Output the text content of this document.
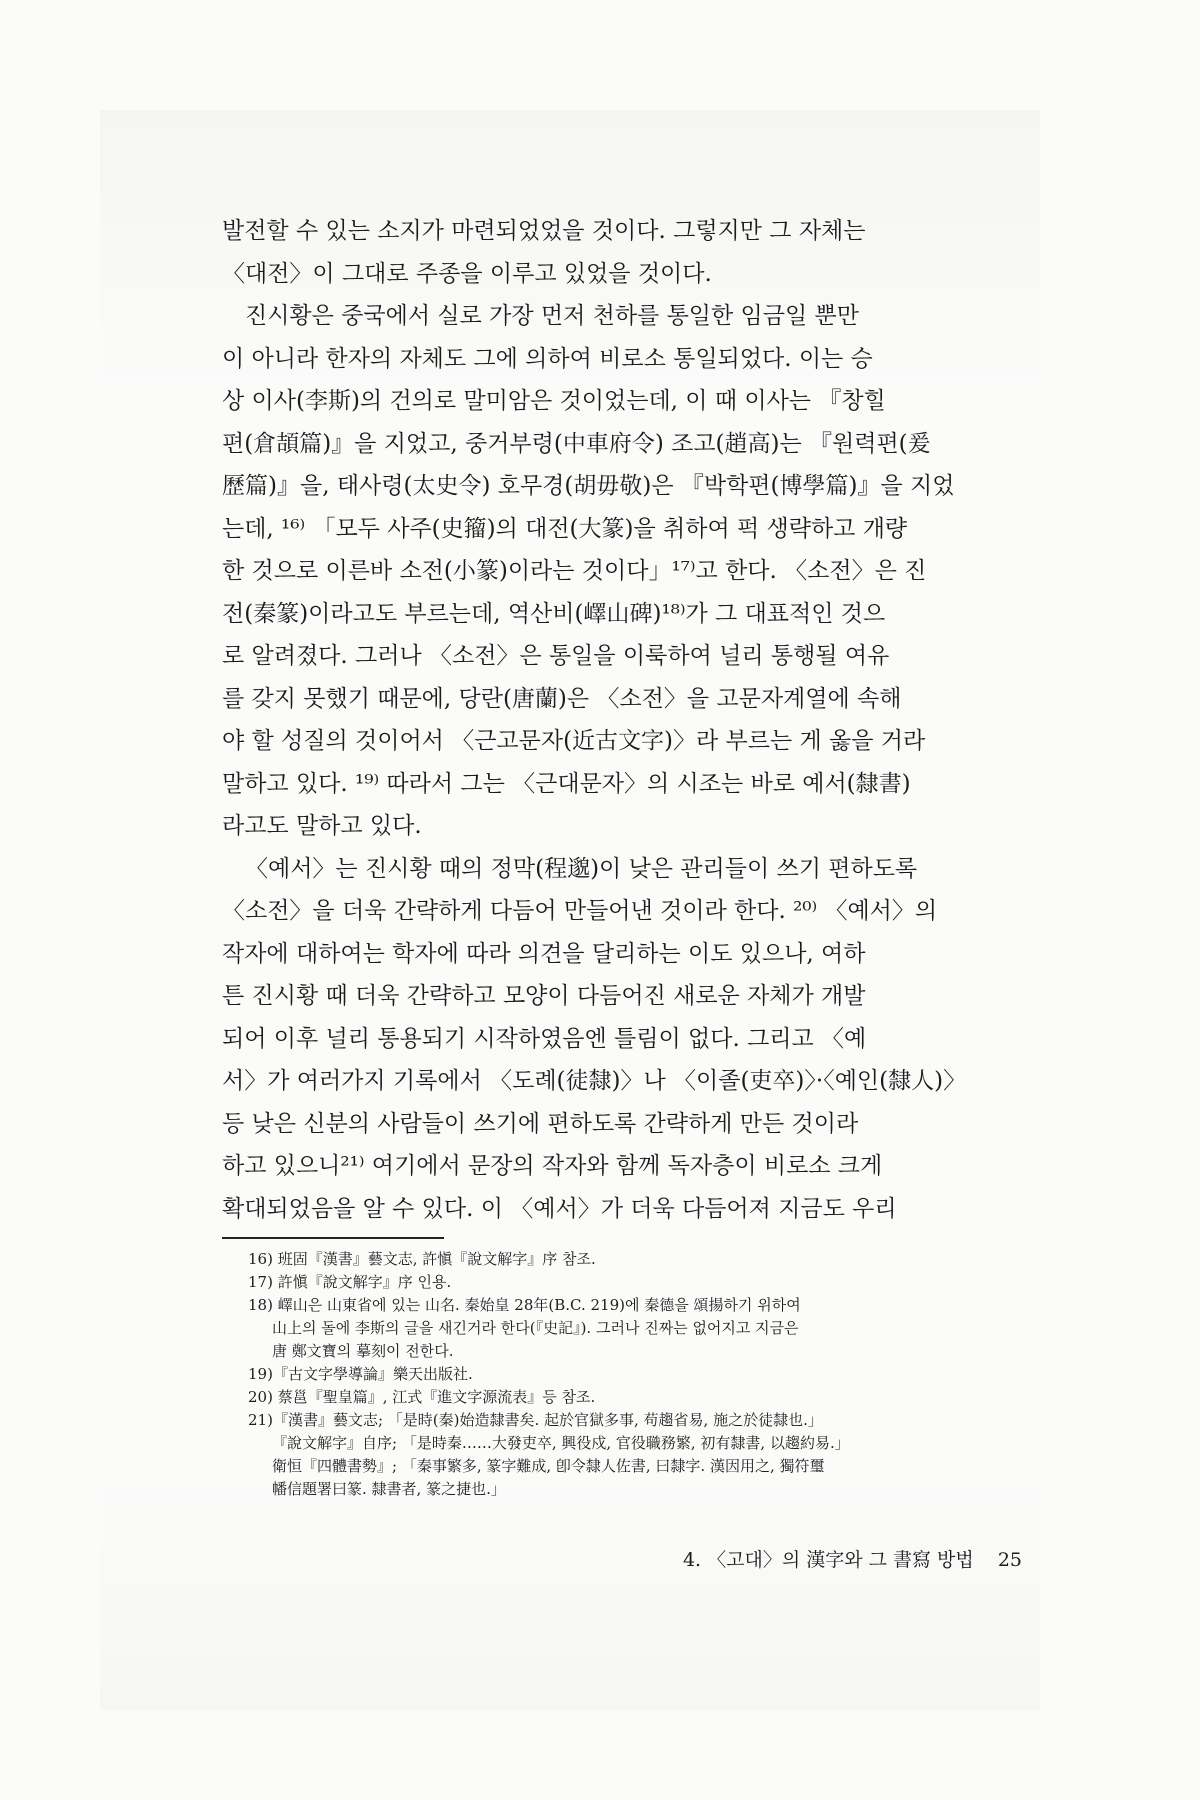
발전할 수 있는 소지가 마련되었었을 것이다. 그렇지만 그 자체는
〈대전〉이 그대로 주종을 이루고 있었을 것이다.
진시황은 중국에서 실로 가장 먼저 천하를 통일한 임금일 뿐만
이 아니라 한자의 자체도 그에 의하여 비로소 통일되었다. 이는 승
상 이사(李斯)의 건의로 말미암은 것이었는데, 이 때 이사는 『창힐
편(倉頡篇)』을 지었고, 중거부령(中車府令) 조고(趙高)는 『원력편(爰
歷篇)』을, 태사령(太史令) 호무경(胡毋敬)은 『박학편(博學篇)』을 지었
는데, ¹⁶⁾ 「모두 사주(史籀)의 대전(大篆)을 취하여 퍽 생략하고 개량
한 것으로 이른바 소전(小篆)이라는 것이다」¹⁷⁾고 한다. 〈소전〉은 진
전(秦篆)이라고도 부르는데, 역산비(嶧山碑)¹⁸⁾가 그 대표적인 것으
로 알려졌다. 그러나 〈소전〉은 통일을 이룩하여 널리 통행될 여유
를 갖지 못했기 때문에, 당란(唐蘭)은 〈소전〉을 고문자계열에 속해
야 할 성질의 것이어서 〈근고문자(近古文字)〉라 부르는 게 옳을 거라
말하고 있다. ¹⁹⁾ 따라서 그는 〈근대문자〉의 시조는 바로 예서(隸書)
라고도 말하고 있다.
〈예서〉는 진시황 때의 정막(程邈)이 낮은 관리들이 쓰기 편하도록
〈소전〉을 더욱 간략하게 다듬어 만들어낸 것이라 한다. ²⁰⁾ 〈예서〉의
작자에 대하여는 학자에 따라 의견을 달리하는 이도 있으나, 여하
튼 진시황 때 더욱 간략하고 모양이 다듬어진 새로운 자체가 개발
되어 이후 널리 통용되기 시작하였음엔 틀림이 없다. 그리고 〈예
서〉가 여러가지 기록에서 〈도례(徒隸)〉나 〈이졸(吏卒)〉·〈예인(隸人)〉
등 낮은 신분의 사람들이 쓰기에 편하도록 간략하게 만든 것이라
하고 있으니²¹⁾ 여기에서 문장의 작자와 함께 독자층이 비로소 크게
확대되었음을 알 수 있다. 이 〈예서〉가 더욱 다듬어져 지금도 우리
16) 班固『漢書』藝文志, 許愼『說文解字』序 참조.
17) 許愼『說文解字』序 인용.
18) 嶧山은 山東省에 있는 山名. 秦始皇 28年(B.C. 219)에 秦德을 頌揚하기 위하여
山上의 돌에 李斯의 글을 새긴거라 한다(『史記』). 그러나 진짜는 없어지고 지금은
唐 鄭文寶의 摹刻이 전한다.
19)『古文字學導論』樂天出版社.
20) 蔡邕『聖皇篇』, 江式『進文字源流表』등 참조.
21)『漢書』藝文志; 「是時(秦)始造隸書矣. 起於官獄多事, 苟趨省易, 施之於徒隸也.」
『說文解字』自序; 「是時秦……大發吏卒, 興役戍, 官役職務繁, 初有隸書, 以趨約易.」
衛恒『四體書勢』; 「秦事繁多, 篆字難成, 卽令隸人佐書, 曰隸字. 漢因用之, 獨符璽
幡信題署曰篆. 隸書者, 篆之捷也.」
4. 〈고대〉의 漢字와 그 書寫 방법 25
